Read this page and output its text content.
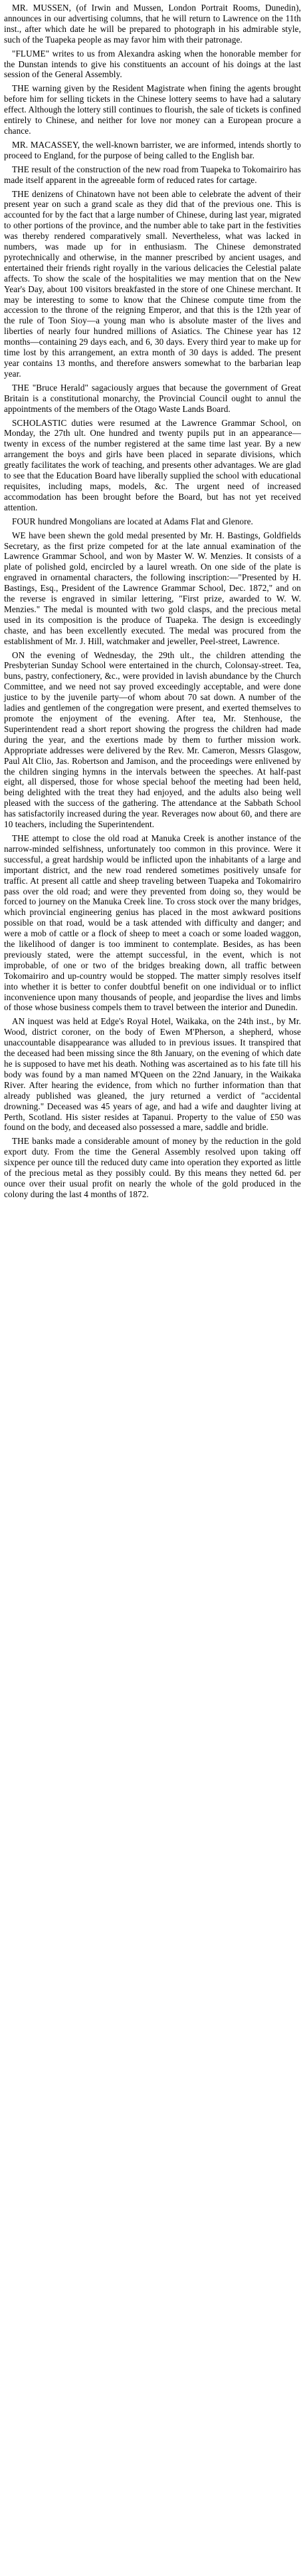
MR. MUSSEN, (of Irwin and Mussen, London Portrait Rooms, Dunedin), announces in our advertising columns, that he will return to Lawrence on the 11th inst., after which date he will be prepared to photograph in his admirable style, such of the Tuapeka people as may favor him with their patronage.

"FLUME" writes to us from Alexandra asking when the honorable member for the Dunstan intends to give his constituents an account of his doings at the last session of the General Assembly.

THE warning given by the Resident Magistrate when fining the agents brought before him for selling tickets in the Chinese lottery seems to have had a salutary effect. Although the lottery still continues to flourish, the sale of tickets is confined entirely to Chinese, and neither for love nor money can a European procure a chance.

MR. MACASSEY, the well-known barrister, we are informed, intends shortly to proceed to England, for the purpose of being called to the English bar.

THE result of the construction of the new road from Tuapeka to Tokomairiro has made itself apparent in the agreeable form of reduced rates for cartage.

THE denizens of Chinatown have not been able to celebrate the advent of their present year on such a grand scale as they did that of the previous one. This is accounted for by the fact that a large number of Chinese, during last year, migrated to other portions of the province, and the number able to take part in the festivities was thereby rendered comparatively small. Nevertheless, what was lacked in numbers, was made up for in enthusiasm. The Chinese demonstrated pyrotechnically and otherwise, in the manner prescribed by ancient usages, and entertained their friends right royally in the various delicacies the Celestial palate affects. To show the scale of the hospitalities we may mention that on the New Year's Day, about 100 visitors breakfasted in the store of one Chinese merchant. It may be interesting to some to know that the Chinese compute time from the accession to the throne of the reigning Emperor, and that this is the 12th year of the rule of Toon Sioy—a young man who is absolute master of the lives and liberties of nearly four hundred millions of Asiatics. The Chinese year has 12 months—containing 29 days each, and 6, 30 days. Every third year to make up for time lost by this arrangement, an extra month of 30 days is added. The present year contains 13 months, and therefore answers somewhat to the barbarian leap year.

THE "Bruce Herald" sagaciously argues that because the government of Great Britain is a constitutional monarchy, the Provincial Council ought to annul the appointments of the members of the Otago Waste Lands Board.

SCHOLASTIC duties were resumed at the Lawrence Grammar School, on Monday, the 27th ult. One hundred and twenty pupils put in an appearance—twenty in excess of the number registered at the same time last year. By a new arrangement the boys and girls have been placed in separate divisions, which greatly facilitates the work of teaching, and presents other advantages. We are glad to see that the Education Board have liberally supplied the school with educational requisites, including maps, models, &c. The urgent need of increased accommodation has been brought before the Board, but has not yet received attention.

FOUR hundred Mongolians are located at Adams Flat and Glenore.

WE have been shewn the gold medal presented by Mr. H. Bastings, Goldfields Secretary, as the first prize competed for at the late annual examination of the Lawrence Grammar School, and won by Master W. W. Menzies. It consists of a plate of polished gold, encircled by a laurel wreath. On one side of the plate is engraved in ornamental characters, the following inscription:—"Presented by H. Bastings, Esq., President of the Lawrence Grammar School, Dec. 1872," and on the reverse is engraved in similar lettering, "First prize, awarded to W. W. Menzies." The medal is mounted with two gold clasps, and the precious metal used in its composition is the produce of Tuapeka. The design is exceedingly chaste, and has been excellently executed. The medal was procured from the establishment of Mr. J. Hill, watchmaker and jeweller, Peel-street, Lawrence.

ON the evening of Wednesday, the 29th ult., the children attending the Presbyterian Sunday School were entertained in the church, Colonsay-street. Tea, buns, pastry, confectionery, &c., were provided in lavish abundance by the Church Committee, and we need not say proved exceedingly acceptable, and were done justice to by the juvenile party—of whom about 70 sat down. A number of the ladies and gentlemen of the congregation were present, and exerted themselves to promote the enjoyment of the evening. After tea, Mr. Stenhouse, the Superintendent read a short report showing the progress the children had made during the year, and the exertions made by them to further mission work. Appropriate addresses were delivered by the Rev. Mr. Cameron, Messrs Glasgow, Paul Alt Clio, Jas. Robertson and Jamison, and the proceedings were enlivened by the children singing hymns in the intervals between the speeches. At half-past eight, all dispersed, those for whose special behoof the meeting had been held, being delighted with the treat they had enjoyed, and the adults also being well pleased with the success of the gathering. The attendance at the Sabbath School has satisfactorily increased during the year. Reverages now about 60, and there are 10 teachers, including the Superintendent.

THE attempt to close the old road at Manuka Creek is another instance of the narrow-minded selfishness, unfortunately too common in this province. Were it successful, a great hardship would be inflicted upon the inhabitants of a large and important district, and the new road rendered sometimes positively unsafe for traffic. At present all cattle and sheep traveling between Tuapeka and Tokomairiro pass over the old road; and were they prevented from doing so, they would be forced to journey on the Manuka Creek line. To cross stock over the many bridges, which provincial engineering genius has placed in the most awkward positions possible on that road, would be a task attended with difficulty and danger; and were a mob of cattle or a flock of sheep to meet a coach or some loaded waggon, the likelihood of danger is too imminent to contemplate. Besides, as has been previously stated, were the attempt successful, in the event, which is not improbable, of one or two of the bridges breaking down, all traffic between Tokomairiro and up-country would be stopped. The matter simply resolves itself into whether it is better to confer doubtful benefit on one individual or to inflict inconvenience upon many thousands of people, and jeopardise the lives and limbs of those whose business compels them to travel between the interior and Dunedin.

AN inquest was held at Edge's Royal Hotel, Waikaka, on the 24th inst., by Mr. Wood, district coroner, on the body of Ewen M'Pherson, a shepherd, whose unaccountable disappearance was alluded to in previous issues. It transpired that the deceased had been missing since the 8th January, on the evening of which date he is supposed to have met his death. Nothing was ascertained as to his fate till his body was found by a man named M'Queen on the 22nd January, in the Waikaka River. After hearing the evidence, from which no further information than that already published was gleaned, the jury returned a verdict of "accidental drowning." Deceased was 45 years of age, and had a wife and daughter living at Perth, Scotland. His sister resides at Tapanui. Property to the value of £50 was found on the body, and deceased also possessed a mare, saddle and bridle.

THE banks made a considerable amount of money by the reduction in the gold export duty. From the time the General Assembly resolved upon taking off sixpence per ounce till the reduced duty came into operation they exported as little of the precious metal as they possibly could. By this means they netted 6d. per ounce over their usual profit on nearly the whole of the gold produced in the colony during the last 4 months of 1872.
